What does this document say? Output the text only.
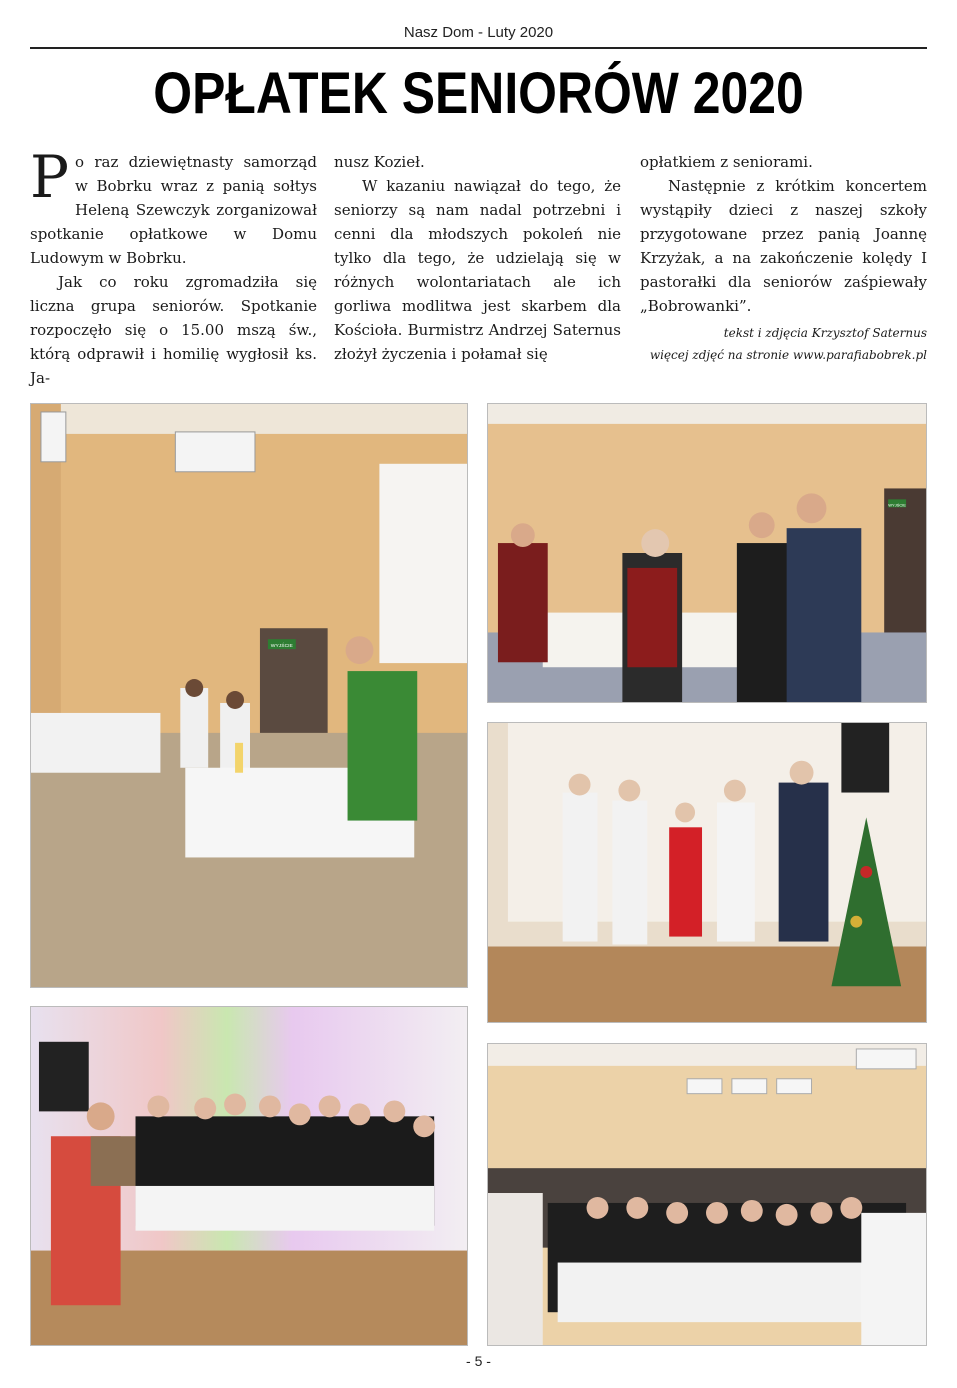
Nasz Dom - Luty 2020
OPŁATEK SENIORÓW 2020

Po raz dziewiętnasty samorząd w Bobrku wraz z panią sołtys Heleną Szewczyk zorganizował spotkanie opłatkowe w Domu Ludowym w Bobrku.

Jak co roku zgromadziła się liczna grupa seniorów. Spotkanie rozpoczęło się o 15.00 mszą św., którą odprawił i homilię wygłosił ks. Ja-

nusz Kozieł.

W kazaniu nawiązał do tego, że seniorzy są nam nadal potrzebni i cenni dla młodszych pokoleń nie tylko dla tego, że udzielają się w różnych wolontariatach ale ich gorliwa modlitwa jest skarbem dla Kościoła. Burmistrz Andrzej Saternus złożył życzenia i połamał się

opłatkiem z seniorami.

Następnie z krótkim koncertem wystąpiły dzieci z naszej szkoły przygotowane przez panią Joannę Krzyżak, a na zakończenie kolędy I pastorałki dla seniorów zaśpiewały „Bobrowanki”.

tekst i zdjęcia Krzysztof Saternus
więcej zdjęć na stronie www.parafiabobrek.pl
WYJŚCIE
WYJŚCIE
- 5 -
